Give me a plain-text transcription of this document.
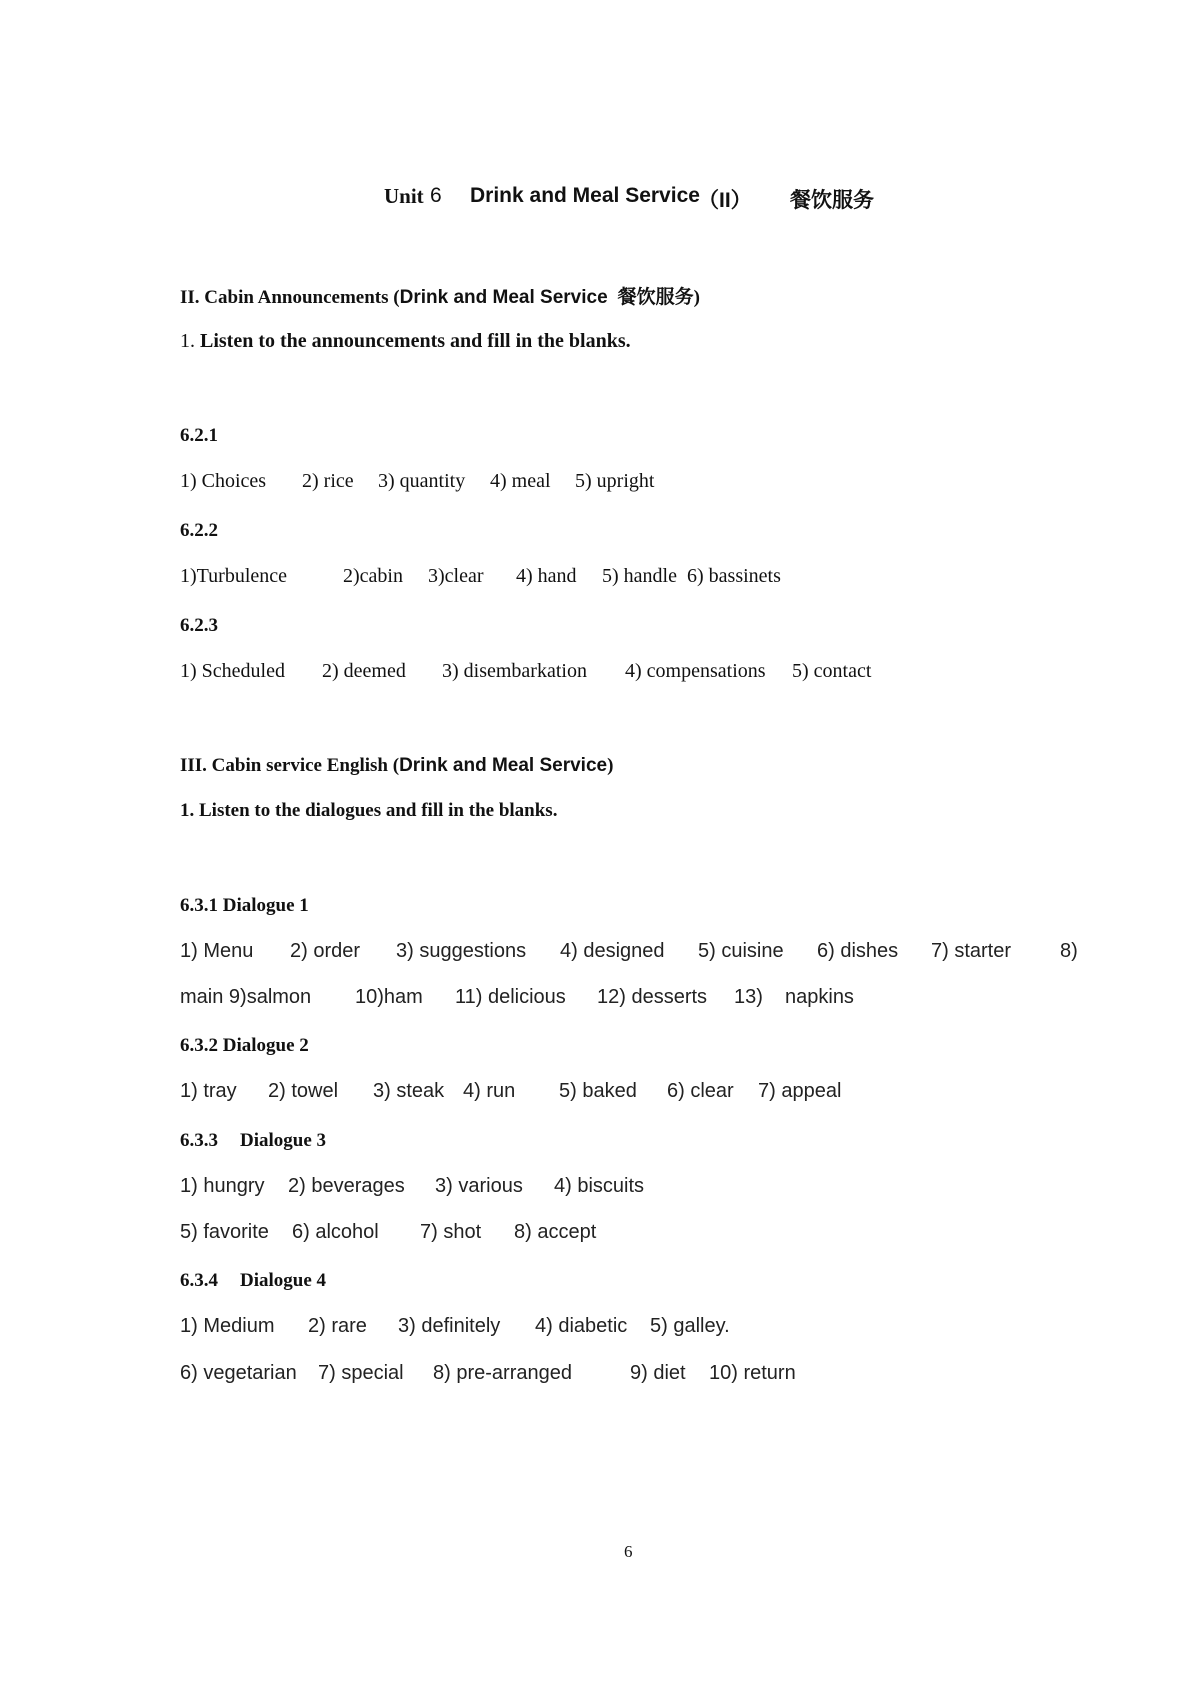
Unit 6 Drink and Meal Service
（II） 餐饮服务
II. Cabin Announcements (Drink and Meal Service 餐饮服务)
1. Listen to the announcements and fill in the blanks.
6.2.1
1) Choices 2) rice 3) quantity 4) meal 5) upright
6.2.2
1)Turbulence	2)cabin 3)clear 4) hand 5) handle 6) bassinets
6.2.3
1) Scheduled 2) deemed 3) disembarkation 4) compensations 5) contact
III. Cabin service English (Drink and Meal Service)
1. Listen to the dialogues and fill in the blanks.
6.3.1 Dialogue 1
1) Menu 2) order 3) suggestions 4) designed 5) cuisine 6) dishes 7) starter 8)
main 9)salmon 10)ham 11) delicious 12) desserts 13) napkins
6.3.2 Dialogue 2
1) tray 2) towel 3) steak 4) run 5) baked 6) clear 7) appeal
6.3.3 Dialogue 3
1) hungry 2) beverages 3) various 4) biscuits
5) favorite 6) alcohol 7) shot 8) accept
6.3.4 Dialogue 4
1) Medium 2) rare 3) definitely 4) diabetic 5) galley.
6) vegetarian 7) special 8) pre-arranged	9) diet 10) return
6
